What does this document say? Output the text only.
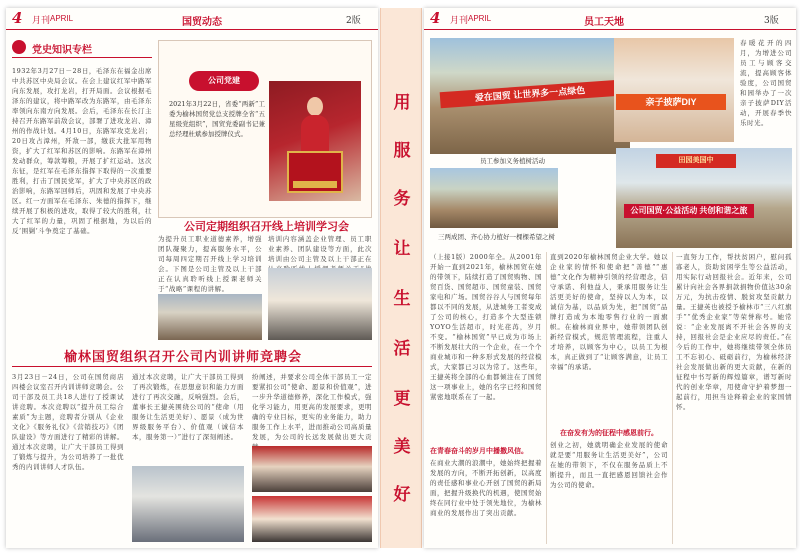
4 月刊 APRIL	国贸动态	2版
党史知识专栏
1932年3月27日－28日，毛泽东在福金出席中共苏区中央局会议。在会上建议红军中路军向东发展，攻打龙岩，打开局面。会议根据毛泽东的建议，将中路军改为东路军，由毛泽东率领向东南方向发展。会后，毛泽东在长汀主持召开东路军前敌会议，部署了进攻龙岩、漳州的作战计划。4月10日，东路军攻克龙岩；20日攻占漳州，歼敌一部，缴获大批军用物资，扩大了红军和苏区的影响。东路军在漳州发动群众，筹款筹粮，开展了扩红运动。这次东征，是红军在毛泽东指挥下取得的一次重要胜利，打击了国民党军，扩大了中央苏区的政治影响，东路军回师后，巩固和发展了中央苏区。红一方面军在毛泽东、朱德的指挥下，继续开展了积极的进攻，取得了较大的胜利，壮大了红军的力量，巩固了根据地，为以后的反‘围剿’斗争奠定了基础。
公司党建
2021年3月22日，省委“两新”工委为榆林国贸党总支授牌全省“五星级党组织”，国贸党委副书记兼总经理杜斌参加授牌仪式。
公司定期组织召开线上培训学习会
为提升员工职业道德素养，增强团队凝聚力，提高服务水平，公司每周四定期召开线上学习培训会。下图是公司主管及以上干部正在认真聆听线上授课老师关于“战略”课程的讲解。
培训内容涵盖企业管理、员工职业素养、团队建设等方面，此次培训由公司主管及以上干部正在
榆林国贸组织召开公司内训讲师竞聘会
3月23日－24日，公司在国贸商店四楼会议室召开内训讲师竞聘会。公司干部及员工共18人进行了授课试讲竞聘。本次竞聘以“提升员工综合素质”为主题，竞聘者分别从《企业文化》《服务礼仪》《营销技巧》《团队建设》等方面进行了精彩的讲解。通过本次竞聘，让广大干部员工得到了锻炼与提升，为公司培养了一批优秀的内训讲师人才队伍。
通过本次竞聘，让广大干部员工得到了再次锻炼，在思想意识和能力方面进行了再次交融，反响强烈。会后，董事长王捷英围绕公司的“使命（用服务让生活更美好）、愿景（成为世界级服务平台）、价值观（诚信本本，服务第一）”进行了深刻阐述。
纷阐述，并要求公司全体干部员工一定要紧扣公司“使命、愿景和价值观”，进一步升华道德修养，深化工作模式，强化学习能力，用更高的发展要求，更明确的专业目标，更实的业务能力，助力服务工作上水平，进而推动公司高质量发展，为公司的长远发展做出更大贡
用
服
务
让
生
活
更
美
好
4 月刊 APRIL	员工天地	3版
爱在国贸 让世界多一点绿色
员工参加义务植树活动
三两成团、齐心协力植好一棵棵希望之树
亲子披萨DIY
春暖花开的四月，为增进公司员工与顾客交流，提高顾客体验度，公司国贸和园举办了一次亲子披萨DIY活动，开展春季快乐时光。
田园美国中
公司国贸·公益活动 共创和谐之旅
（上接1版）2000年全。从2001年开始一直到2021年，榆林国贸在她的带领下，陆续打造了国贸购物、国贸百货、国贸超市、国贸童装、国贸家电和广场。国贸谷谷人与国贸每年都以不同的发展，从进城务工者变成了公司的核心，打造多个大型连锁YOYO生活超市，时光荏苒，岁月不变。“榆林国贸”早已成为市场上不断发展壮大的一个企业，在一个个商业城市和一种多形式发展的经营模式，大家都已习以为常了。这些年，王捷英将全部的心血都倾注在了国贸这一项事业上，她的名字已经和国贸紧密地联系在了一起。
在青春奋斗的岁月中播撒风信。
在商业大潮的浪潮中，她始终把握着发展的方向，不断开拓创新，以高度的责任感和事业心开创了国贸的新局面，把握升级换代的机遇，使国贸始终在同行业中处于领先地位，为榆林商业的发展作出了突出贡献。
直到2020年榆林国贸企业大学。她以企业家的情怀和使命把“善德”“惠德”文化作为精神引领的经营理念，信守承诺、利他益人，秉承用服务让生活更美好的使命，坚持以人为本，以诚信为基，以品质为先，把“国贸”品牌打造成为本地零售行业的一面旗帜。在榆林商业界中，她带领团队创新经营模式，规范管理流程，注重人才培养，以顾客为中心，以员工为根本，真正做到了“让顾客满意，让员工幸福”的承诺。
在奋发有为的征程中感恩前行。
创业之初，她就明确企业发展的使命就是要“用服务让生活更美好”，公司在她的带领下，不仅在服务品质上不断提升，而且一直把感恩回馈社会作为公司的使命。
一直努力工作，帮扶贫困户，慰问孤寡老人，资助贫困学生等公益活动，用实际行动回报社会。近年来，公司累计向社会各界捐款捐物价值达30余万元，为抗击疫情、脱贫攻坚贡献力量。王捷英也被授予榆林市“三八红旗手”“优秀企业家”等荣誉称号。她常说：“企业发展离不开社会各界的支持，回报社会是企业应尽的责任。”在今后的工作中，她将继续带领全体员工不忘初心、砥砺前行，为榆林经济社会发展做出新的更大贡献，在新的征程中书写新的辉煌篇章，谱写新时代的创业华章，用使命守护着梦想一起前行，用担当诠释着企业的家国情怀。
